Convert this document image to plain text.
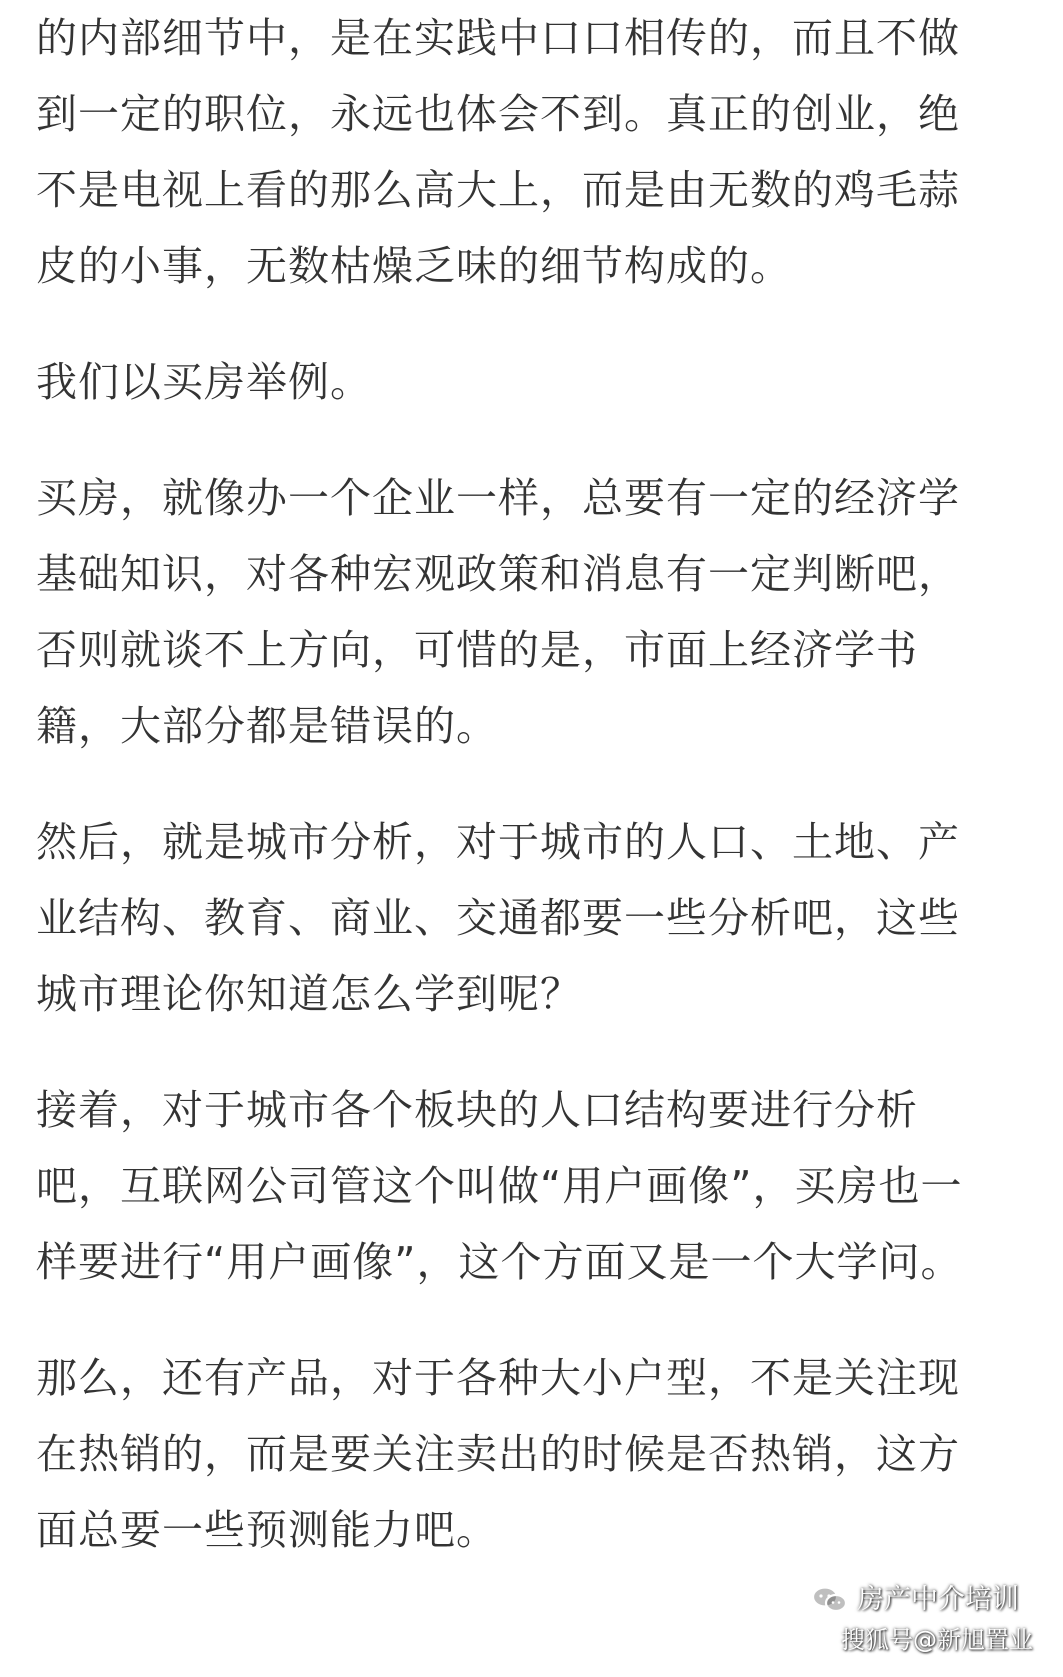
的内部细节中，是在实践中口口相传的，而且不做
到一定的职位，永远也体会不到。真正的创业，绝
不是电视上看的那么高大上，而是由无数的鸡毛蒜
皮的小事，无数枯燥乏味的细节构成的。
我们以买房举例。
买房，就像办一个企业一样，总要有一定的经济学
基础知识，对各种宏观政策和消息有一定判断吧，
否则就谈不上方向，可惜的是，市面上经济学书
籍，大部分都是错误的。
然后，就是城市分析，对于城市的人口、土地、产
业结构、教育、商业、交通都要一些分析吧，这些
城市理论你知道怎么学到呢？
接着，对于城市各个板块的人口结构要进行分析
吧，互联网公司管这个叫做“用户画像”，买房也一
样要进行“用户画像”，这个方面又是一个大学问。
那么，还有产品，对于各种大小户型，不是关注现
在热销的，而是要关注卖出的时候是否热销，这方
面总要一些预测能力吧。
房产中介培训
搜狐号@新旭置业
